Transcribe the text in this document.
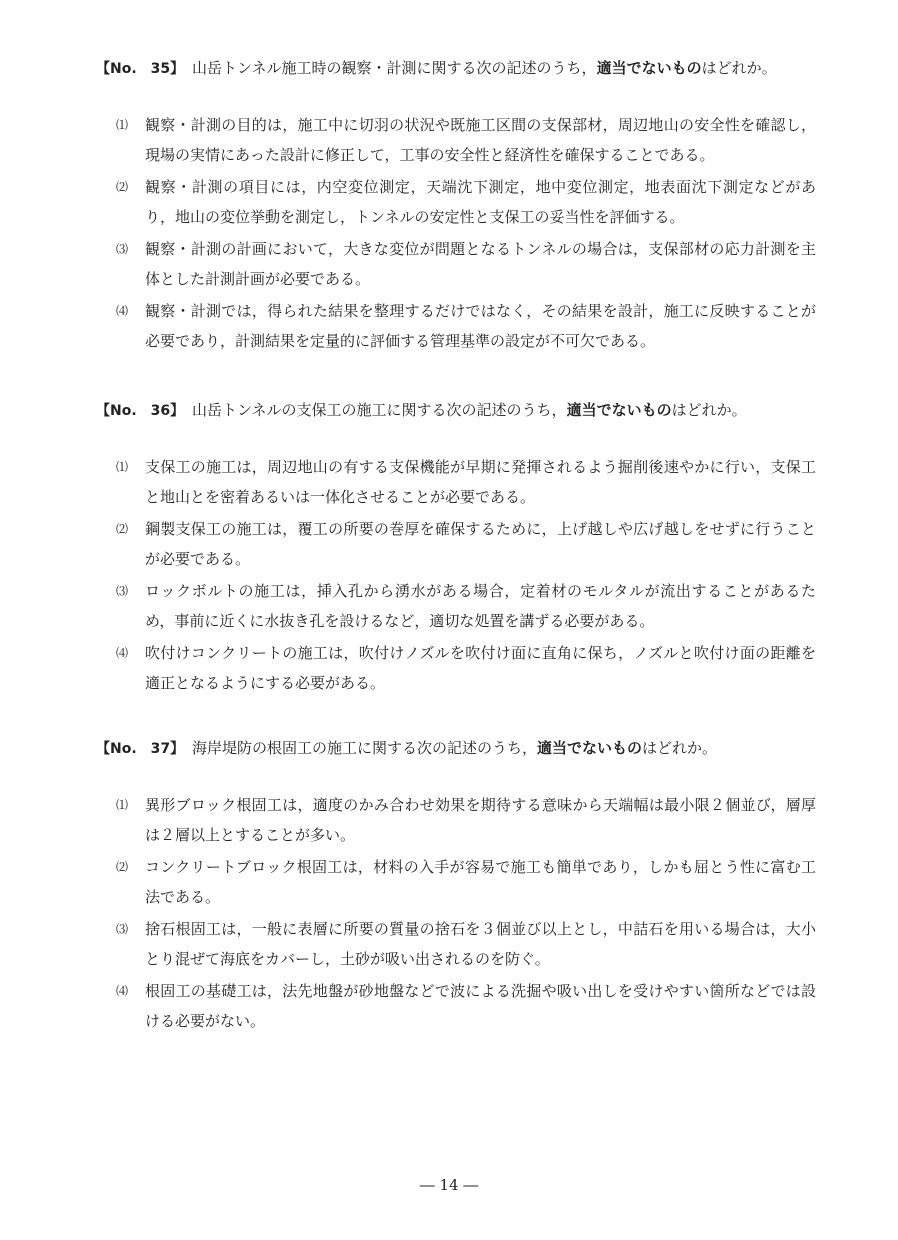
【No.　35】 山岳トンネル施工時の観察・計測に関する次の記述のうち，適当でないものはどれか。
⑴	観察・計測の目的は，施工中に切羽の状況や既施工区間の支保部材，周辺地山の安全性を確認し，現場の実情にあった設計に修正して，工事の安全性と経済性を確保することである。
⑵	観察・計測の項目には，内空変位測定，天端沈下測定，地中変位測定，地表面沈下測定などがあり，地山の変位挙動を測定し，トンネルの安定性と支保工の妥当性を評価する。
⑶	観察・計測の計画において，大きな変位が問題となるトンネルの場合は，支保部材の応力計測を主体とした計測計画が必要である。
⑷	観察・計測では，得られた結果を整理するだけではなく，その結果を設計，施工に反映することが必要であり，計測結果を定量的に評価する管理基準の設定が不可欠である。
【No.　36】 山岳トンネルの支保工の施工に関する次の記述のうち，適当でないものはどれか。
⑴	支保工の施工は，周辺地山の有する支保機能が早期に発揮されるよう掘削後速やかに行い，支保工と地山とを密着あるいは一体化させることが必要である。
⑵	鋼製支保工の施工は，覆工の所要の巻厚を確保するために，上げ越しや広げ越しをせずに行うことが必要である。
⑶	ロックボルトの施工は，挿入孔から湧水がある場合，定着材のモルタルが流出することがあるため，事前に近くに水抜き孔を設けるなど，適切な処置を講ずる必要がある。
⑷	吹付けコンクリートの施工は，吹付けノズルを吹付け面に直角に保ち，ノズルと吹付け面の距離を適正となるようにする必要がある。
【No.　37】 海岸堤防の根固工の施工に関する次の記述のうち，適当でないものはどれか。
⑴	異形ブロック根固工は，適度のかみ合わせ効果を期待する意味から天端幅は最小限２個並び，層厚は２層以上とすることが多い。
⑵	コンクリートブロック根固工は，材料の入手が容易で施工も簡単であり，しかも屈とう性に富む工法である。
⑶	捨石根固工は，一般に表層に所要の質量の捨石を３個並び以上とし，中詰石を用いる場合は，大小とり混ぜて海底をカバーし，土砂が吸い出されるのを防ぐ。
⑷	根固工の基礎工は，法先地盤が砂地盤などで波による洗掘や吸い出しを受けやすい箇所などでは設ける必要がない。
― 14 ―
